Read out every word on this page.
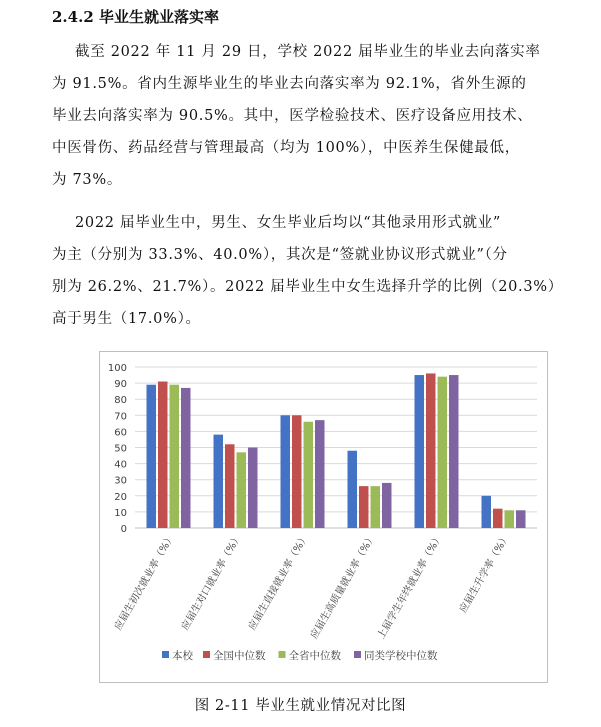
2.4.2 毕业生就业落实率
截至 2022 年 11 月 29 日，学校 2022 届毕业生的毕业去向落实率
为 91.5%。省内生源毕业生的毕业去向落实率为 92.1%，省外生源的
毕业去向落实率为 90.5%。其中，医学检验技术、医疗设备应用技术、
中医骨伤、药品经营与管理最高（均为 100%），中医养生保健最低，
为 73%。
2022 届毕业生中，男生、女生毕业后均以“其他录用形式就业”
为主（分别为 33.3%、40.0%），其次是“签就业协议形式就业”（分
别为 26.2%、21.7%）。2022 届毕业生中女生选择升学的比例（20.3%）
高于男生（17.0%）。
0
10
20
30
40
50
60
70
80
90
100
应届生初次就业率（%） 应届生对口就业率（%） 应届生直接就业率（%）
应届生高质量就业率（%）
上届学生年终就业率（%） 应届生升学率（%）
本校 全国中位数 全省中位数 同类学校中位数
图 2-11 毕业生就业情况对比图
